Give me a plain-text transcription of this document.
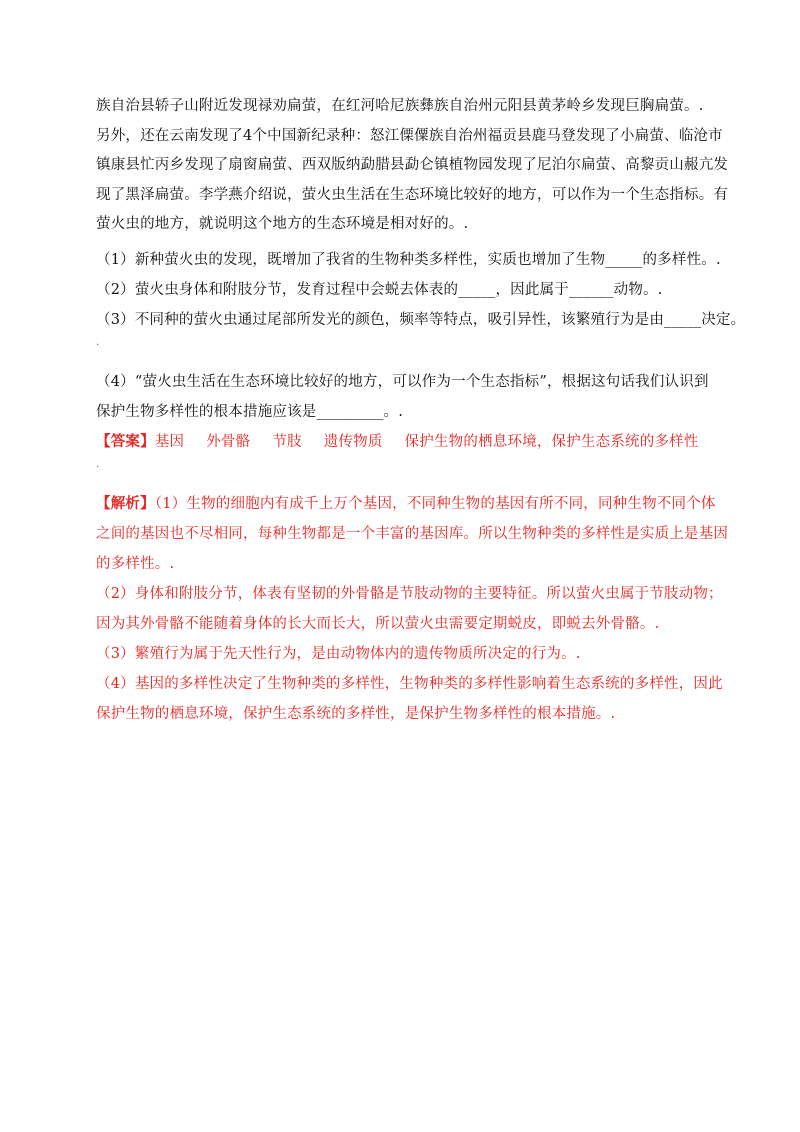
族自治县轿子山附近发现禄劝扁萤，在红河哈尼族彝族自治州元阳县黄茅岭乡发现巨胸扁萤。.
另外，还在云南发现了4个中国新纪录种：怒江傈僳族自治州福贡县鹿马登发现了小扁萤、临沧市
镇康县忙丙乡发现了扇窗扁萤、西双版纳勐腊县勐仑镇植物园发现了尼泊尔扁萤、高黎贡山赧亢发
现了黑泽扁萤。李学燕介绍说，萤火虫生活在生态环境比较好的地方，可以作为一个生态指标。有
萤火虫的地方，就说明这个地方的生态环境是相对好的。.
（1）新种萤火虫的发现，既增加了我省的生物种类多样性，实质也增加了生物_____的多样性。.
（2）萤火虫身体和附肢分节，发育过程中会蜕去体表的_____，因此属于______动物。.
（3）不同种的萤火虫通过尾部所发光的颜色，频率等特点，吸引异性，该繁殖行为是由_____决定。
.
（4）“萤火虫生活在生态环境比较好的地方，可以作为一个生态指标”，根据这句话我们认识到
保护生物多样性的根本措施应该是_________。.
【答案】基因 外骨骼 节肢 遗传物质 保护生物的栖息环境，保护生态系统的多样性
.
【解析】（1）生物的细胞内有成千上万个基因，不同种生物的基因有所不同，同种生物不同个体
之间的基因也不尽相同，每种生物都是一个丰富的基因库。所以生物种类的多样性是实质上是基因
的多样性。.
（2）身体和附肢分节，体表有坚韧的外骨骼是节肢动物的主要特征。所以萤火虫属于节肢动物；
因为其外骨骼不能随着身体的长大而长大，所以萤火虫需要定期蜕皮，即蜕去外骨骼。.
（3）繁殖行为属于先天性行为，是由动物体内的遗传物质所决定的行为。.
（4）基因的多样性决定了生物种类的多样性，生物种类的多样性影响着生态系统的多样性，因此
保护生物的栖息环境，保护生态系统的多样性，是保护生物多样性的根本措施。.
